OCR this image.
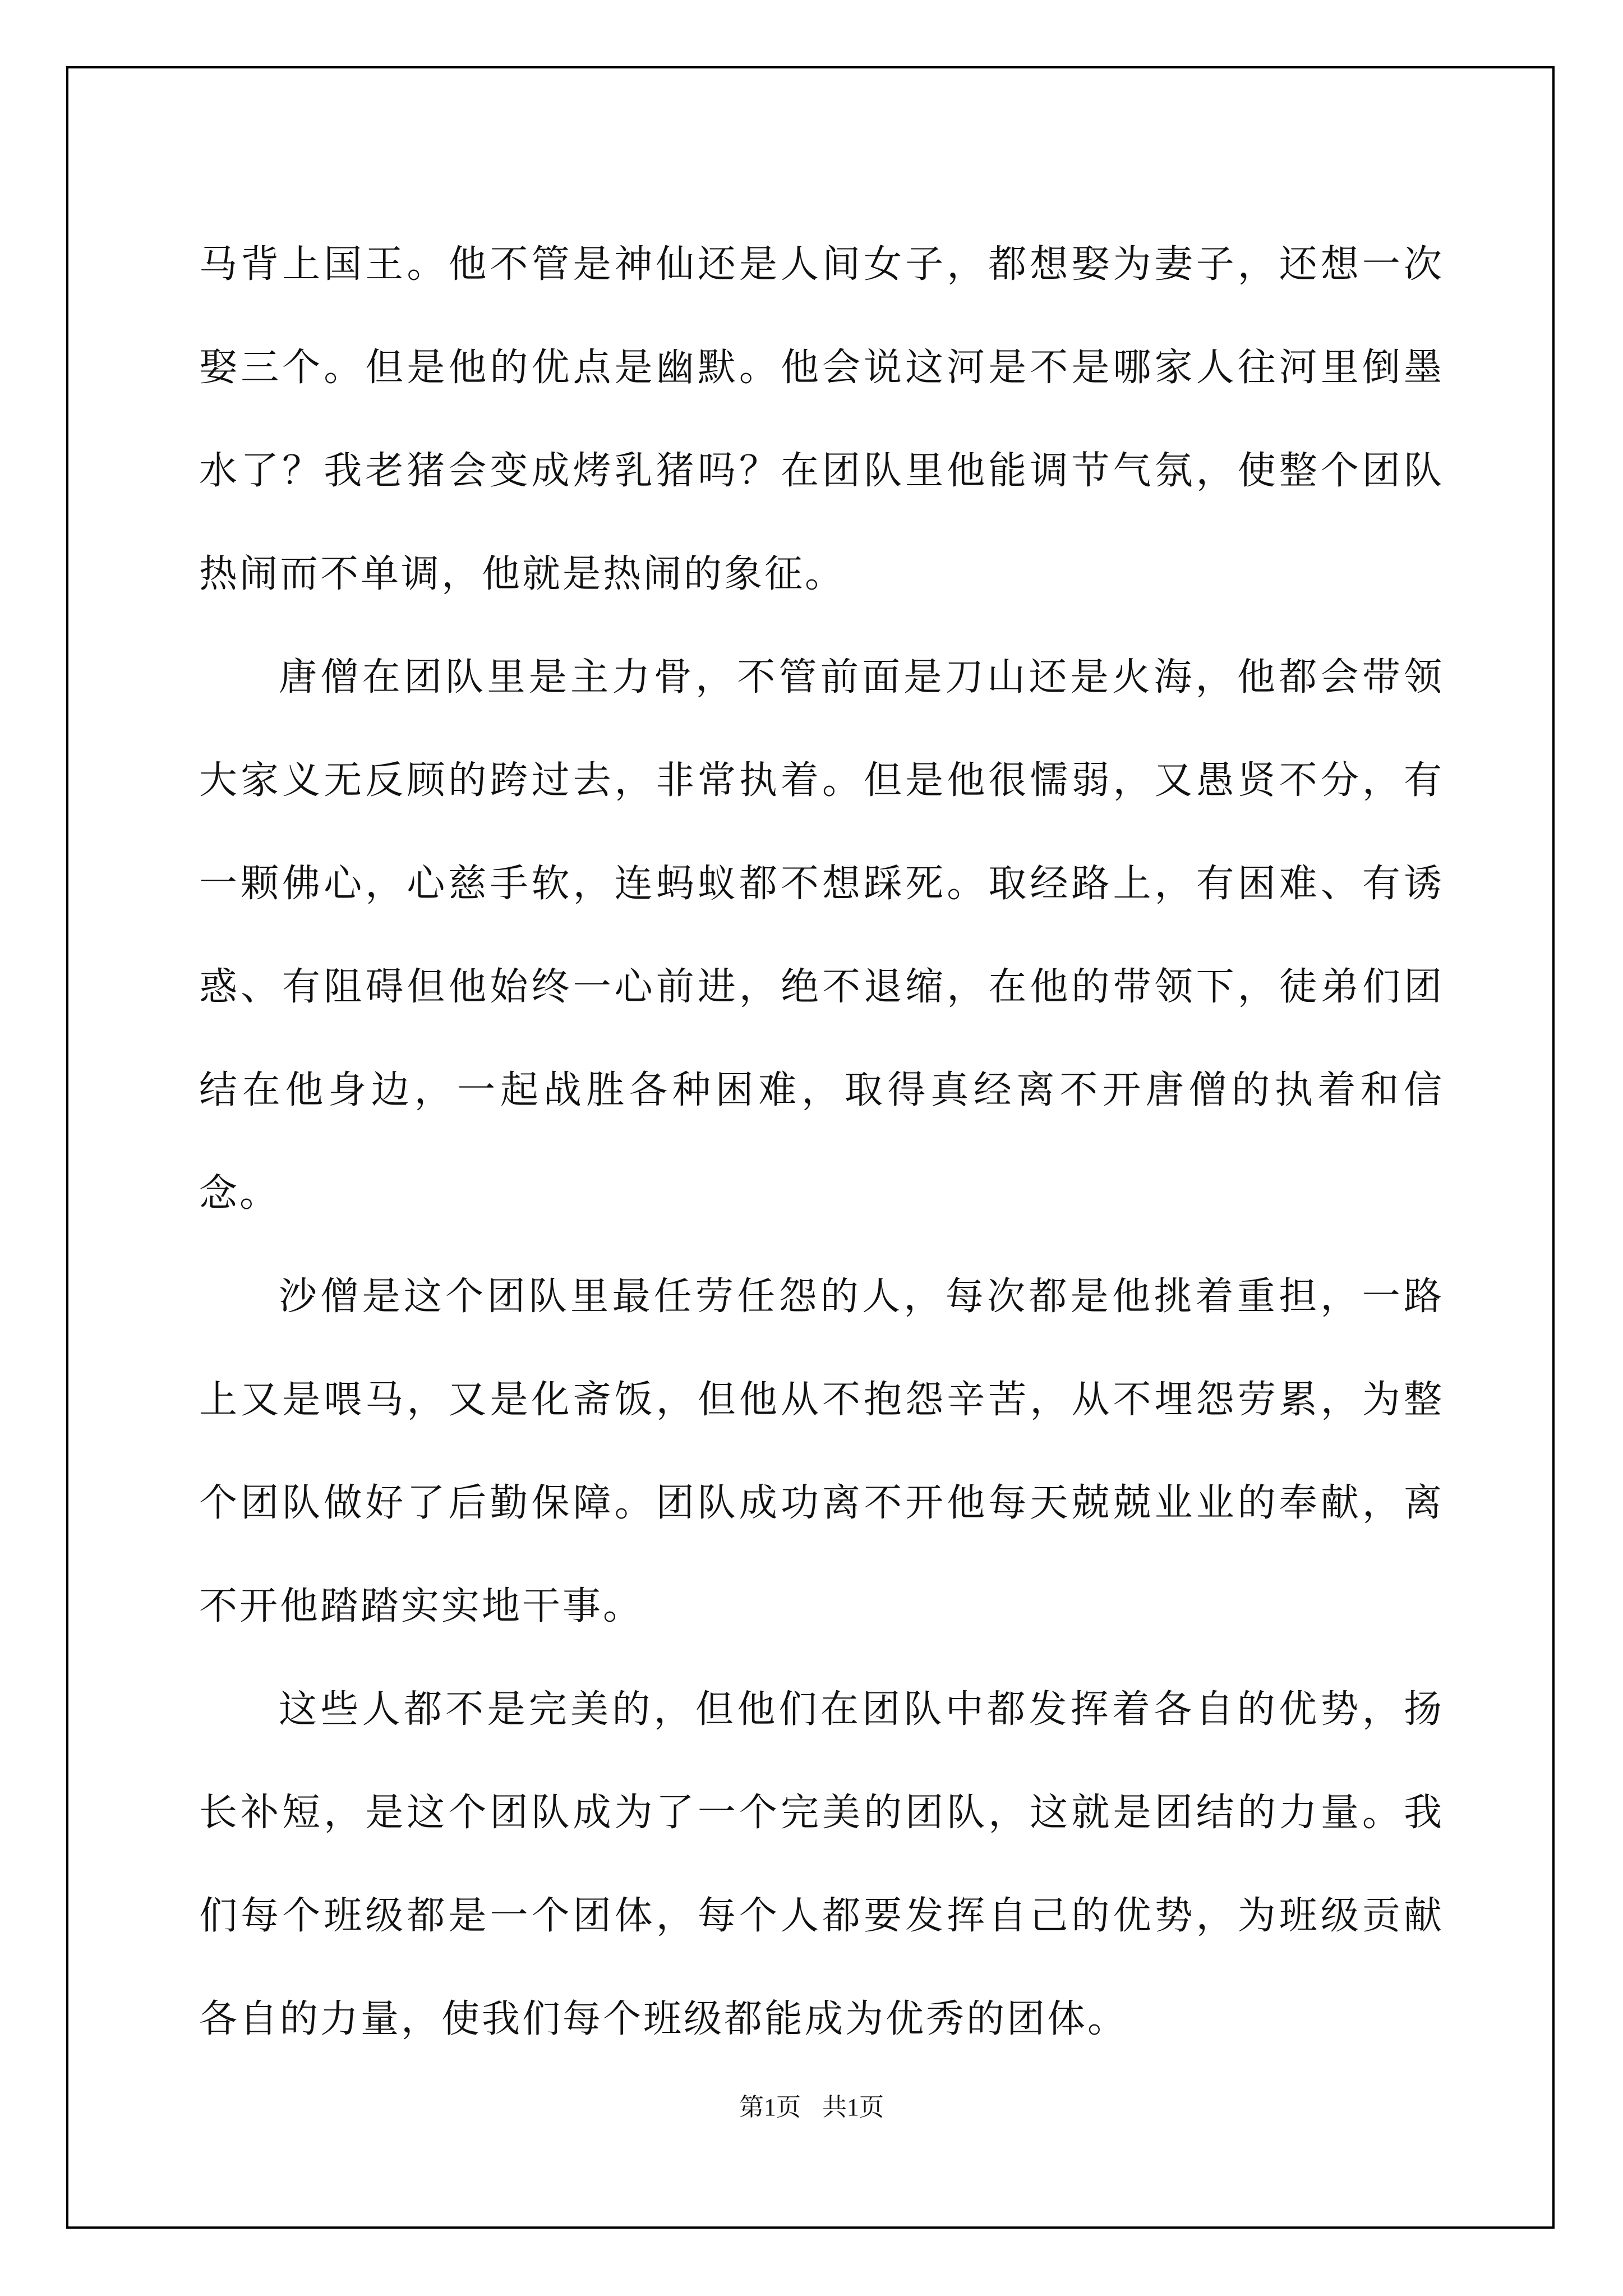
马背上国王。他不管是神仙还是人间女子，都想娶为妻子，还想一次娶三个。但是他的优点是幽默。他会说这河是不是哪家人往河里倒墨水了？我老猪会变成烤乳猪吗？在团队里他能调节气氛，使整个团队热闹而不单调，他就是热闹的象征。

唐僧在团队里是主力骨，不管前面是刀山还是火海，他都会带领大家义无反顾的跨过去，非常执着。但是他很懦弱，又愚贤不分，有一颗佛心，心慈手软，连蚂蚁都不想踩死。取经路上，有困难、有诱惑、有阻碍但他始终一心前进，绝不退缩，在他的带领下，徒弟们团结在他身边，一起战胜各种困难，取得真经离不开唐僧的执着和信念。

沙僧是这个团队里最任劳任怨的人，每次都是他挑着重担，一路上又是喂马，又是化斋饭，但他从不抱怨辛苦，从不埋怨劳累，为整个团队做好了后勤保障。团队成功离不开他每天兢兢业业的奉献，离不开他踏踏实实地干事。

这些人都不是完美的，但他们在团队中都发挥着各自的优势，扬长补短，是这个团队成为了一个完美的团队，这就是团结的力量。我们每个班级都是一个团体，每个人都要发挥自己的优势，为班级贡献各自的力量，使我们每个班级都能成为优秀的团体。

第1页 共1页
